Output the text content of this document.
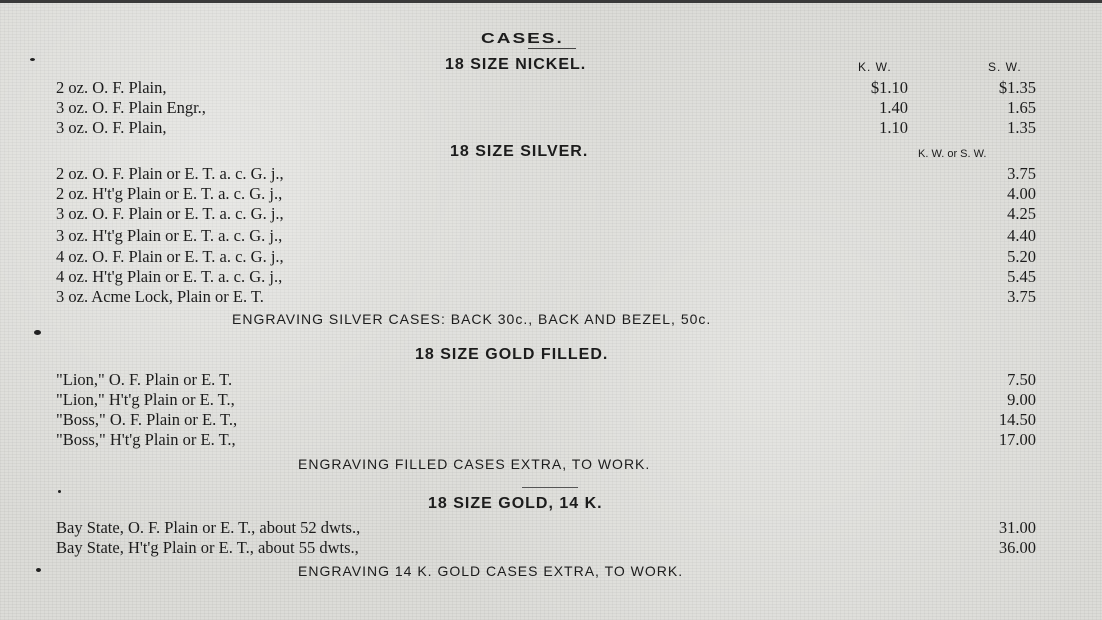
CASES.
18 SIZE NICKEL.	K. W.	S. W.
2 oz. O. F. Plain,	$1.10	$1.35
3 oz. O. F. Plain Engr.,	1.40	1.65
3 oz. O. F. Plain,	1.10	1.35
18 SIZE SILVER.	K. W. or S. W.
2 oz. O. F. Plain or E. T. a. c. G. j.,	3.75
2 oz. H't'g Plain or E. T. a. c. G. j.,	4.00
3 oz. O. F. Plain or E. T. a. c. G. j.,	4.25
3 oz. H't'g Plain or E. T. a. c. G. j.,	4.40
4 oz. O. F. Plain or E. T. a. c. G. j.,	5.20
4 oz. H't'g Plain or E. T. a. c. G. j.,	5.45
3 oz. Acme Lock, Plain or E. T.	3.75
ENGRAVING SILVER CASES: BACK 30c., BACK AND BEZEL, 50c.
18 SIZE GOLD FILLED.
"Lion," O. F. Plain or E. T.	7.50
"Lion," H't'g Plain or E. T.,	9.00
"Boss," O. F. Plain or E. T.,	14.50
"Boss," H't'g Plain or E. T.,	17.00
ENGRAVING FILLED CASES EXTRA, TO WORK.
18 SIZE GOLD, 14 K.
Bay State, O. F. Plain or E. T., about 52 dwts.,	31.00
Bay State, H't'g Plain or E. T., about 55 dwts.,	36.00
ENGRAVING 14 K. GOLD CASES EXTRA, TO WORK.
